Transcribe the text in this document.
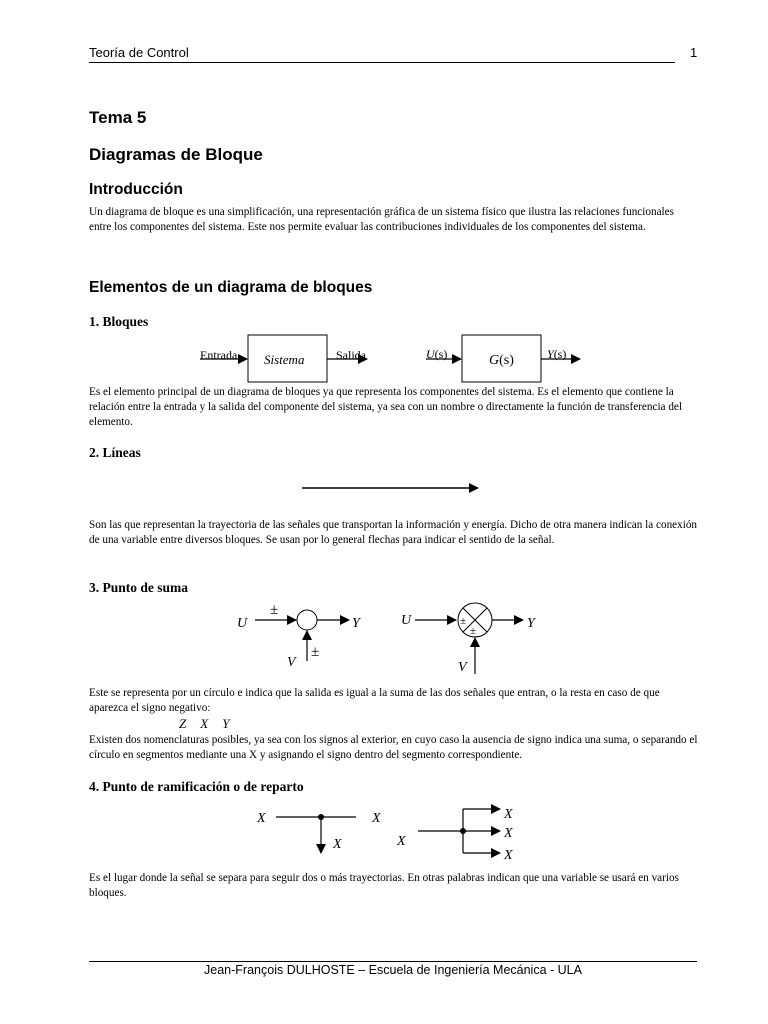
Teoría de Control	1
Tema 5
Diagramas de Bloque
Introducción
Un diagrama de bloque es una simplificación, una representación gráfica de un sistema físico que ilustra las relaciones funcionales entre los componentes del sistema. Este nos permite evaluar las contribuciones individuales de los componentes del sistema.
Elementos de un diagrama de bloques
1. Bloques
Entrada Sistema	Salida	U(s)	G(s)	Y(s)
U
±
Y
±
V
U	±
±	Y
V
X	X
X	X
X
X
X
Es el elemento principal de un diagrama de bloques ya que representa los componentes del sistema. Es el elemento que contiene la relación entre la entrada y la salida del componente del sistema, ya sea con un nombre o directamente la función de transferencia del elemento.
2. Líneas
Son las que representan la trayectoria de las señales que transportan la información y energía. Dicho de otra manera indican la conexión de una variable entre diversos bloques. Se usan por lo general flechas para indicar el sentido de la señal.
3. Punto de suma
Este se representa por un círculo e indica que la salida es igual a la suma de las dos señales que entran, o la resta en caso de que aparezca el signo negativo:
Z X Y
Existen dos nomenclaturas posibles, ya sea con los signos al exterior, en cuyo caso la ausencia de signo indica una suma, o separando el círculo en segmentos mediante una X y asignando el signo dentro del segmento correspondiente.
4. Punto de ramificación o de reparto
Es el lugar donde la señal se separa para seguir dos o más trayectorias. En otras palabras indican que una variable se usará en varios bloques.
Jean-François DULHOSTE – Escuela de Ingeniería Mecánica - ULA
